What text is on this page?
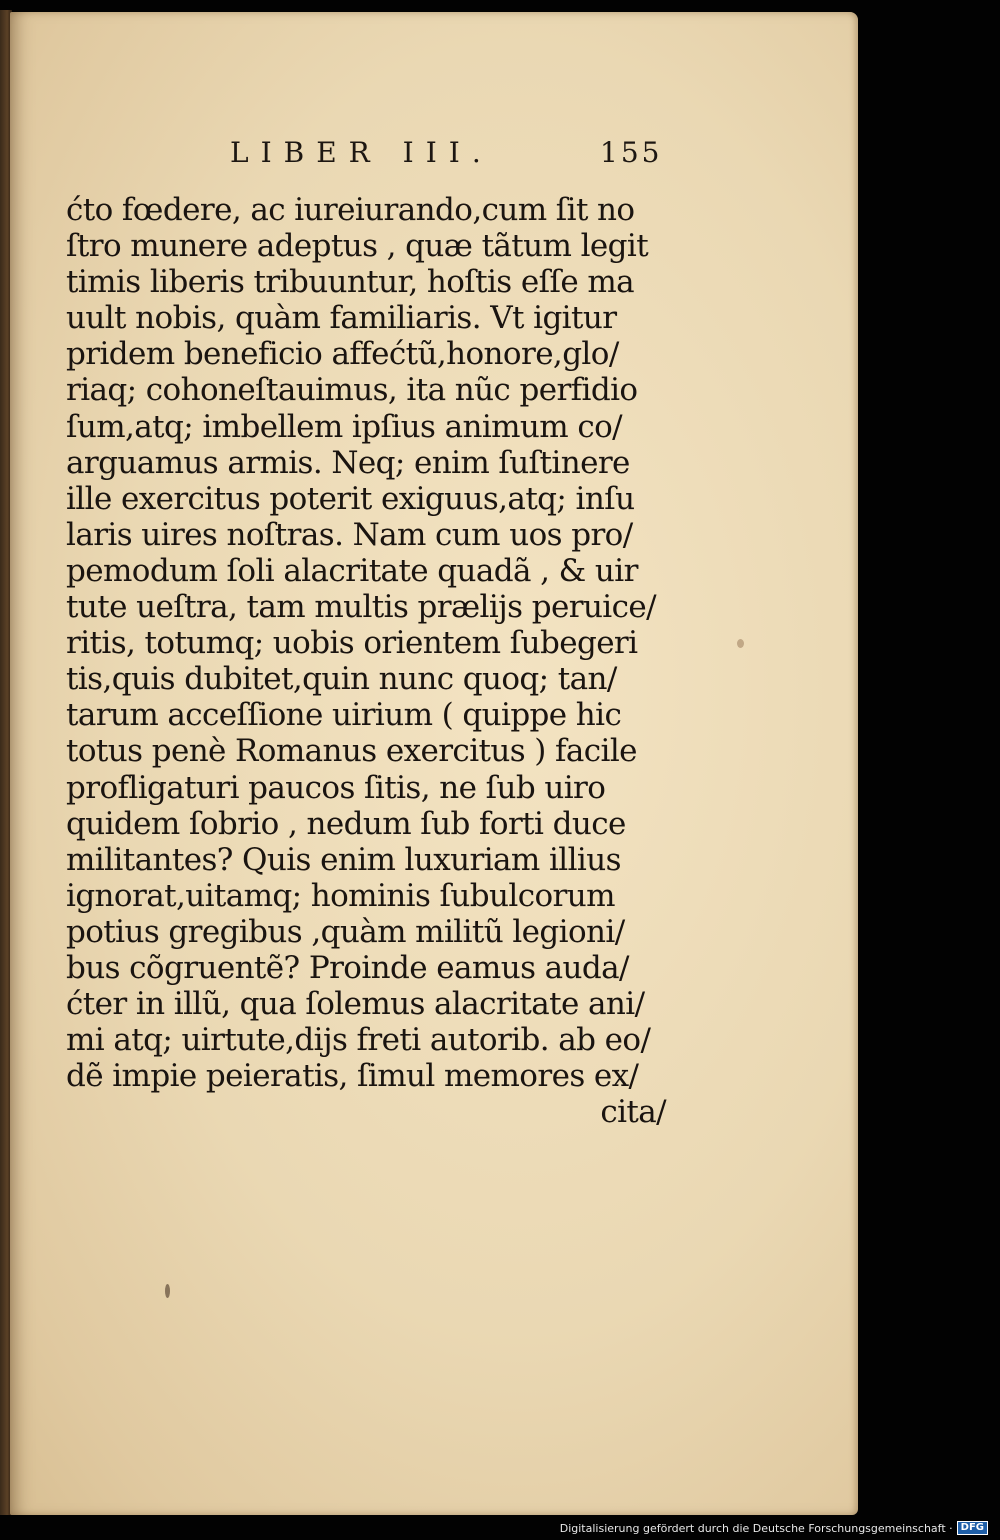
LIBER III.	155
ćto fœdere, ac iureiurando,cum ſit no
ſtro munere adeptus , quæ tãtum legit
timis liberis tribuuntur, hoſtis eſſe ma
uult nobis, quàm familiaris. Vt igitur
pridem beneficio affećtũ,honore,glo/
riaq; cohoneſtauimus, ita nũc perfidio
ſum,atq; imbellem ipſius animum co/
arguamus armis. Neq; enim ſuſtinere
ille exercitus poterit exiguus,atq; inſu
laris uires noſtras. Nam cum uos pro/
pemodum ſoli alacritate quadã , & uir
tute ueſtra, tam multis prælijs peruice/
ritis, totumq; uobis orientem ſubegeri
tis,quis dubitet,quin nunc quoq; tan/
tarum acceſſione uirium ( quippe hic
totus penè Romanus exercitus ) facile
profligaturi paucos ſitis, ne ſub uiro
quidem ſobrio , nedum ſub forti duce
militantes? Quis enim luxuriam illius
ignorat,uitamq; hominis ſubulcorum
potius gregibus ,quàm militũ legioni/
bus cõgruentẽ? Proinde eamus auda/
ćter in illũ, qua ſolemus alacritate ani/
mi atq; uirtute,dijs freti autorib. ab eo/
dẽ impie peieratis, ſimul memores ex/
cita/
Digitalisierung gefördert durch die Deutsche Forschungsgemeinschaft · DFG
